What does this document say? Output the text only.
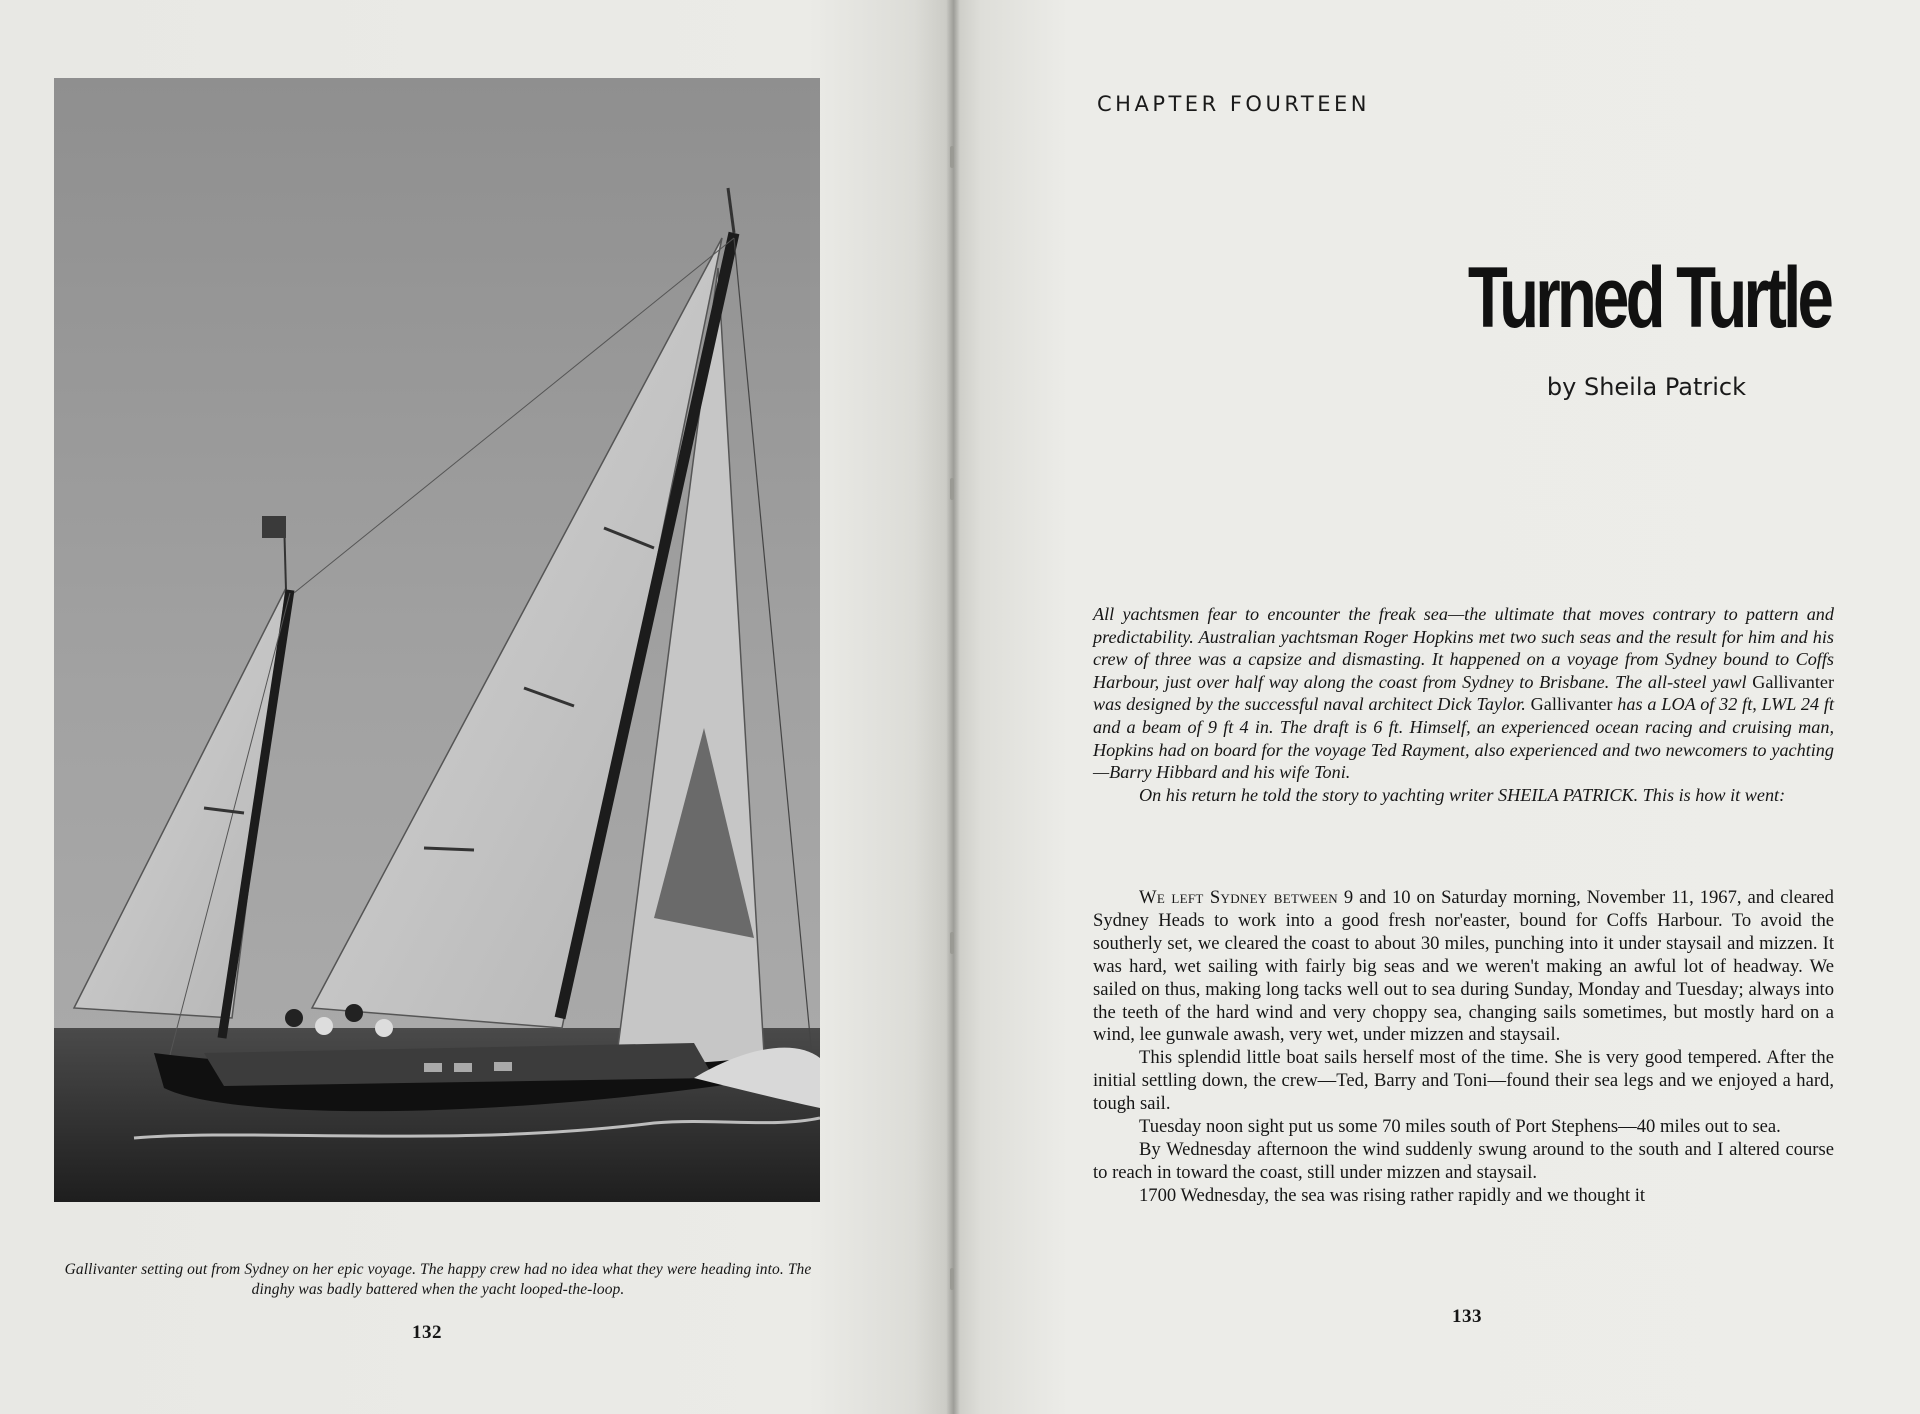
Gallivanter setting out from Sydney on her epic voyage. The happy crew had no idea what they were heading into. The dinghy was badly battered when the yacht looped-the-loop.
132
CHAPTER FOURTEEN
Turned Turtle
by Sheila Patrick

All yachtsmen fear to encounter the freak sea—the ultimate that moves contrary to pattern and predictability. Australian yachtsman Roger Hopkins met two such seas and the result for him and his crew of three was a capsize and dismasting. It happened on a voyage from Sydney bound to Coffs Harbour, just over half way along the coast from Sydney to Brisbane. The all-steel yawl Gallivanter was designed by the successful naval architect Dick Taylor. Gallivanter has a LOA of 32 ft, LWL 24 ft and a beam of 9 ft 4 in. The draft is 6 ft. Himself, an experienced ocean racing and cruising man, Hopkins had on board for the voyage Ted Rayment, also experienced and two newcomers to yachting—Barry Hibbard and his wife Toni.

On his return he told the story to yachting writer SHEILA PATRICK. This is how it went:

We left Sydney between 9 and 10 on Saturday morning, November 11, 1967, and cleared Sydney Heads to work into a good fresh nor'easter, bound for Coffs Harbour. To avoid the southerly set, we cleared the coast to about 30 miles, punching into it under staysail and mizzen. It was hard, wet sailing with fairly big seas and we weren't making an awful lot of headway. We sailed on thus, making long tacks well out to sea during Sunday, Monday and Tuesday; always into the teeth of the hard wind and very choppy sea, changing sails sometimes, but mostly hard on a wind, lee gunwale awash, very wet, under mizzen and staysail.

This splendid little boat sails herself most of the time. She is very good tempered. After the initial settling down, the crew—Ted, Barry and Toni—found their sea legs and we enjoyed a hard, tough sail.

Tuesday noon sight put us some 70 miles south of Port Stephens—40 miles out to sea.

By Wednesday afternoon the wind suddenly swung around to the south and I altered course to reach in toward the coast, still under mizzen and staysail.

1700 Wednesday, the sea was rising rather rapidly and we thought it

133
